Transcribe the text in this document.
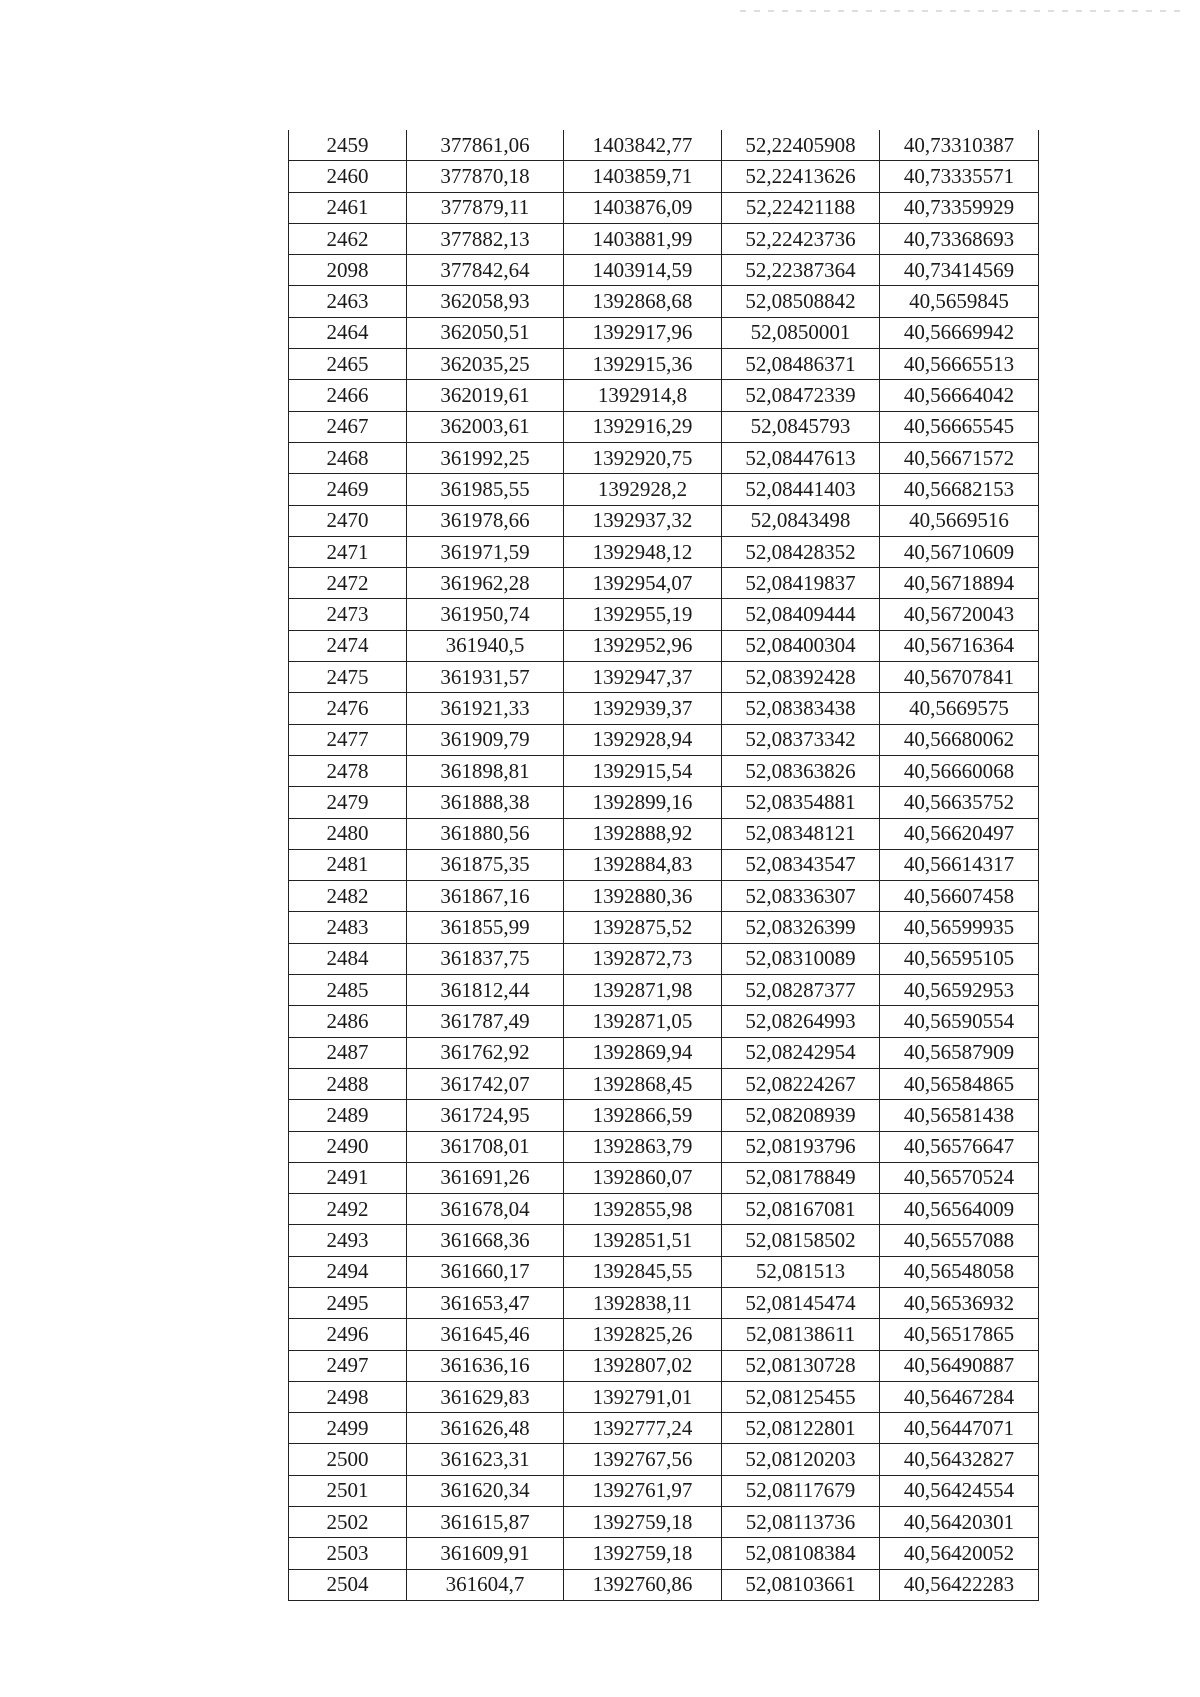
2459	377861,06	1403842,77	52,22405908	40,73310387
2460	377870,18	1403859,71	52,22413626	40,73335571
2461	377879,11	1403876,09	52,22421188	40,73359929
2462	377882,13	1403881,99	52,22423736	40,73368693
2098	377842,64	1403914,59	52,22387364	40,73414569
2463	362058,93	1392868,68	52,08508842	40,5659845
2464	362050,51	1392917,96	52,0850001	40,56669942
2465	362035,25	1392915,36	52,08486371	40,56665513
2466	362019,61	1392914,8	52,08472339	40,56664042
2467	362003,61	1392916,29	52,0845793	40,56665545
2468	361992,25	1392920,75	52,08447613	40,56671572
2469	361985,55	1392928,2	52,08441403	40,56682153
2470	361978,66	1392937,32	52,0843498	40,5669516
2471	361971,59	1392948,12	52,08428352	40,56710609
2472	361962,28	1392954,07	52,08419837	40,56718894
2473	361950,74	1392955,19	52,08409444	40,56720043
2474	361940,5	1392952,96	52,08400304	40,56716364
2475	361931,57	1392947,37	52,08392428	40,56707841
2476	361921,33	1392939,37	52,08383438	40,5669575
2477	361909,79	1392928,94	52,08373342	40,56680062
2478	361898,81	1392915,54	52,08363826	40,56660068
2479	361888,38	1392899,16	52,08354881	40,56635752
2480	361880,56	1392888,92	52,08348121	40,56620497
2481	361875,35	1392884,83	52,08343547	40,56614317
2482	361867,16	1392880,36	52,08336307	40,56607458
2483	361855,99	1392875,52	52,08326399	40,56599935
2484	361837,75	1392872,73	52,08310089	40,56595105
2485	361812,44	1392871,98	52,08287377	40,56592953
2486	361787,49	1392871,05	52,08264993	40,56590554
2487	361762,92	1392869,94	52,08242954	40,56587909
2488	361742,07	1392868,45	52,08224267	40,56584865
2489	361724,95	1392866,59	52,08208939	40,56581438
2490	361708,01	1392863,79	52,08193796	40,56576647
2491	361691,26	1392860,07	52,08178849	40,56570524
2492	361678,04	1392855,98	52,08167081	40,56564009
2493	361668,36	1392851,51	52,08158502	40,56557088
2494	361660,17	1392845,55	52,081513	40,56548058
2495	361653,47	1392838,11	52,08145474	40,56536932
2496	361645,46	1392825,26	52,08138611	40,56517865
2497	361636,16	1392807,02	52,08130728	40,56490887
2498	361629,83	1392791,01	52,08125455	40,56467284
2499	361626,48	1392777,24	52,08122801	40,56447071
2500	361623,31	1392767,56	52,08120203	40,56432827
2501	361620,34	1392761,97	52,08117679	40,56424554
2502	361615,87	1392759,18	52,08113736	40,56420301
2503	361609,91	1392759,18	52,08108384	40,56420052
2504	361604,7	1392760,86	52,08103661	40,56422283
